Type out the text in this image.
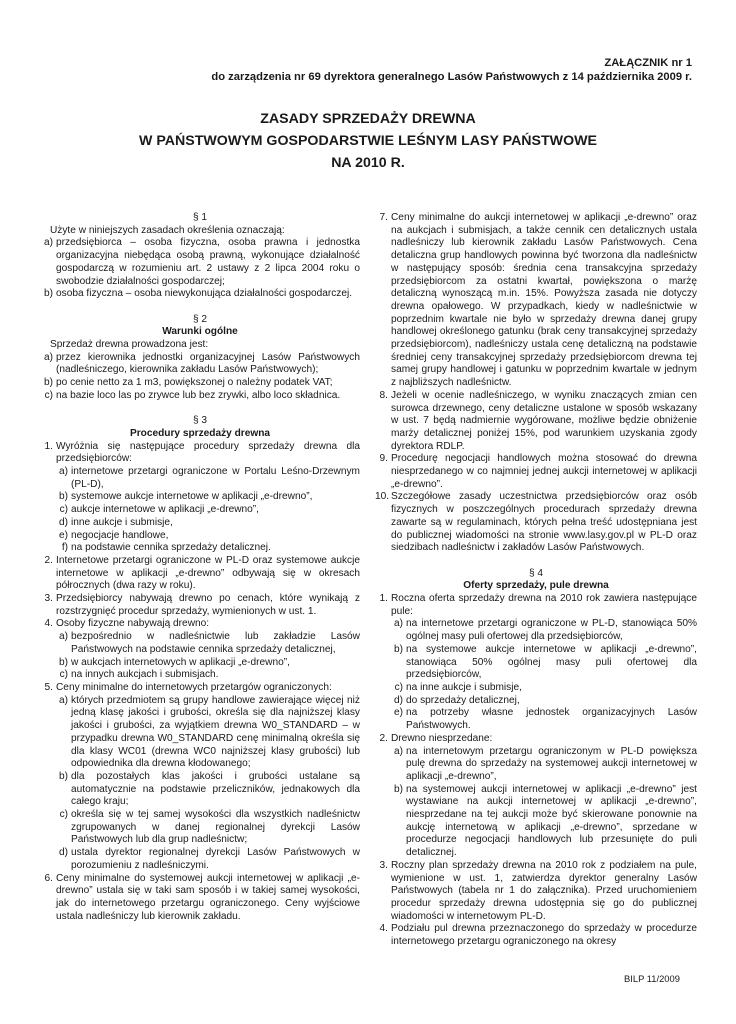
ZAŁĄCZNIK nr 1
do zarządzenia nr 69 dyrektora generalnego Lasów Państwowych z 14 października 2009 r.
ZASADY SPRZEDAŻY DREWNA
W PAŃSTWOWYM GOSPODARSTWIE LEŚNYM LASY PAŃSTWOWE
NA 2010 R.
§ 1
Użyte w niniejszych zasadach określenia oznaczają:
a) przedsiębiorca – osoba fizyczna, osoba prawna i jednostka organizacyjna niebędąca osobą prawną, wykonujące działalność gospodarczą w rozumieniu art. 2 ustawy z 2 lipca 2004 roku o swobodzie działalności gospodarczej;
b) osoba fizyczna – osoba niewykonująca działalności gospodarczej.
§ 2
Warunki ogólne
Sprzedaż drewna prowadzona jest:
a) przez kierownika jednostki organizacyjnej Lasów Państwowych (nadleśniczego, kierownika zakładu Lasów Państwowych);
b) po cenie netto za 1 m3, powiększonej o należny podatek VAT;
c) na bazie loco las po zrywce lub bez zrywki, albo loco składnica.
§ 3
Procedury sprzedaży drewna
1. Wyróżnia się następujące procedury sprzedaży drewna dla przedsiębiorców:
a) internetowe przetargi ograniczone w Portalu Leśno-Drzewnym (PL-D),
b) systemowe aukcje internetowe w aplikacji „e-drewno”,
c) aukcje internetowe w aplikacji „e-drewno”,
d) inne aukcje i submisje,
e) negocjacje handlowe,
f) na podstawie cennika sprzedaży detalicznej.
2. Internetowe przetargi ograniczone w PL-D oraz systemowe aukcje internetowe w aplikacji „e-drewno” odbywają się w okresach półrocznych (dwa razy w roku).
3. Przedsiębiorcy nabywają drewno po cenach, które wynikają z rozstrzygnięć procedur sprzedaży, wymienionych w ust. 1.
4. Osoby fizyczne nabywają drewno:
a) bezpośrednio w nadleśnictwie lub zakładzie Lasów Państwowych na podstawie cennika sprzedaży detalicznej,
b) w aukcjach internetowych w aplikacji „e-drewno”,
c) na innych aukcjach i submisjach.
5. Ceny minimalne do internetowych przetargów ograniczonych:
a) których przedmiotem są grupy handlowe zawierające więcej niż jedną klasę jakości i grubości, określa się dla najniższej klasy jakości i grubości, za wyjątkiem drewna W0_STANDARD – w przypadku drewna W0_STANDARD cenę minimalną określa się dla klasy WC01 (drewna WC0 najniższej klasy grubości) lub odpowiednika dla drewna kłodowanego;
b) dla pozostałych klas jakości i grubości ustalane są automatycznie na podstawie przeliczników, jednakowych dla całego kraju;
c) określa się w tej samej wysokości dla wszystkich nadleśnictw zgrupowanych w danej regionalnej dyrekcji Lasów Państwowych lub dla grup nadleśnictw;
d) ustala dyrektor regionalnej dyrekcji Lasów Państwowych w porozumieniu z nadleśniczymi.
6. Ceny minimalne do systemowej aukcji internetowej w aplikacji „e-drewno” ustala się w taki sam sposób i w takiej samej wysokości, jak do internetowego przetargu ograniczonego. Ceny wyjściowe ustala nadleśniczy lub kierownik zakładu.
7. Ceny minimalne do aukcji internetowej w aplikacji „e-drewno” oraz na aukcjach i submisjach, a także cennik cen detalicznych ustala nadleśniczy lub kierownik zakładu Lasów Państwowych. Cena detaliczna grup handlowych powinna być tworzona dla nadleśnictw w następujący sposób: średnia cena transakcyjna sprzedaży przedsiębiorcom za ostatni kwartał, powiększona o marżę detaliczną wynoszącą m.in. 15%. Powyższa zasada nie dotyczy drewna opałowego. W przypadkach, kiedy w nadleśnictwie w poprzednim kwartale nie było w sprzedaży drewna danej grupy handlowej określonego gatunku (brak ceny transakcyjnej sprzedaży przedsiębiorcom), nadleśniczy ustala cenę detaliczną na podstawie średniej ceny transakcyjnej sprzedaży przedsiębiorcom drewna tej samej grupy handlowej i gatunku w poprzednim kwartale w jednym z najbliższych nadleśnictw.
8. Jeżeli w ocenie nadleśniczego, w wyniku znaczących zmian cen surowca drzewnego, ceny detaliczne ustalone w sposób wskazany w ust. 7 będą nadmiernie wygórowane, możliwe będzie obniżenie marży detalicznej poniżej 15%, pod warunkiem uzyskania zgody dyrektora RDLP.
9. Procedurę negocjacji handlowych można stosować do drewna niesprzedanego w co najmniej jednej aukcji internetowej w aplikacji „e-drewno”.
10. Szczegółowe zasady uczestnictwa przedsiębiorców oraz osób fizycznych w poszczególnych procedurach sprzedaży drewna zawarte są w regulaminach, których pełna treść udostępniana jest do publicznej wiadomości na stronie www.lasy.gov.pl w PL-D oraz siedzibach nadleśnictw i zakładów Lasów Państwowych.
§ 4
Oferty sprzedaży, pule drewna
1. Roczna oferta sprzedaży drewna na 2010 rok zawiera następujące pule:
a) na internetowe przetargi ograniczone w PL-D, stanowiąca 50% ogólnej masy puli ofertowej dla przedsiębiorców,
b) na systemowe aukcje internetowe w aplikacji „e-drewno”, stanowiąca 50% ogólnej masy puli ofertowej dla przedsiębiorców,
c) na inne aukcje i submisje,
d) do sprzedaży detalicznej,
e) na potrzeby własne jednostek organizacyjnych Lasów Państwowych.
2. Drewno niesprzedane:
a) na internetowym przetargu ograniczonym w PL-D powiększa pulę drewna do sprzedaży na systemowej aukcji internetowej w aplikacji „e-drewno”,
b) na systemowej aukcji internetowej w aplikacji „e-drewno” jest wystawiane na aukcji internetowej w aplikacji „e-drewno”, niesprzedane na tej aukcji może być skierowane ponownie na aukcję internetową w aplikacji „e-drewno”, sprzedane w procedurze negocjacji handlowych lub przesunięte do puli detalicznej.
3. Roczny plan sprzedaży drewna na 2010 rok z podziałem na pule, wymienione w ust. 1, zatwierdza dyrektor generalny Lasów Państwowych (tabela nr 1 do załącznika). Przed uruchomieniem procedur sprzedaży drewna udostępnia się go do publicznej wiadomości w internetowym PL-D.
4. Podziału pul drewna przeznaczonego do sprzedaży w procedurze internetowego przetargu ograniczonego na okresy
BILP 11/2009
